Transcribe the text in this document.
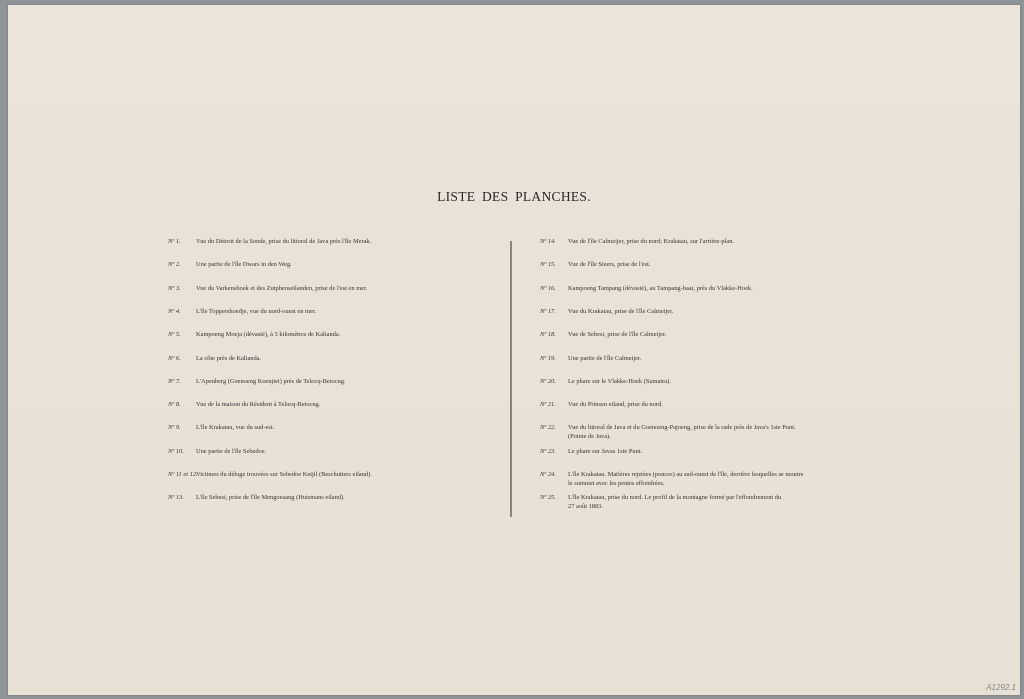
LISTE DES PLANCHES.
Nº 1. Vue du Détroit de la Sonde, prise du littoral de Java près l'île Merak.
Nº 2. Une partie de l'île Dwars in den Weg.
Nº 3. Vue du Varkenshoek et des Zutphenseilanden, prise de l'est en mer.
Nº 4. L'île Toppershoedje, vue du nord-ouest en mer.
Nº 5. Kampoeng Moeja (dévasté), à 5 kilomètres de Kalianda.
Nº 6. La côte près de Kalianda.
Nº 7. L'Apenberg (Goenoeng Koenjiet) près de Telocq-Betocng.
Nº 8. Vue de la maison du Résident à Telocq-Betocng.
Nº 9. L'île Krakatau, vue du sud-est.
Nº 10. Une partie de l'île Sebedoe.
Nº 11 et 12.Victimes du déluge trouvées sur Sebedoe Ketjil (Beschutters eiland).
Nº 13. L'île Sebesi, prise de l'île Mengoeaang (Huismans eiland).
Nº 14. Vue de l'île Calmeijer, prise du nord; Krakatau, sur l'arrière-plan.
Nº 15. Vue de l'île Steers, prise de l'est.
Nº 16. Kampoeng Tampang (dévasté), au Tampang-baai, près du Vlakke-Hoek.
Nº 17. Vue du Krakatau, prise de l'île Calmeijer.
Nº 18. Vue de Sebesi, prise de l'île Calmeijer.
Nº 19. Une partie de l'île Calmeijer.
Nº 20. Le phare sur le Vlakke-Hoek (Sumatra).
Nº 21. Vue du Prinsen eiland, prise du nord.
Nº 22. Vue du littoral de Java et du Goenoeng-Pajoeng, prise de la rade près de Java's 1ste Punt.
(Pointe de Java).
Nº 23. Le phare sur Javas 1ste Punt.
Nº 24. L'île Krakatau. Matières rejetées (ponces) au sud-ouest de l'île, derrière lesquelles se montre
le sommet avec les pentes effondrées.
Nº 25. L'île Krakatau, prise du nord. Le profil de la montagne formé par l'effondrement du
27 août 1883.
A1292.1
